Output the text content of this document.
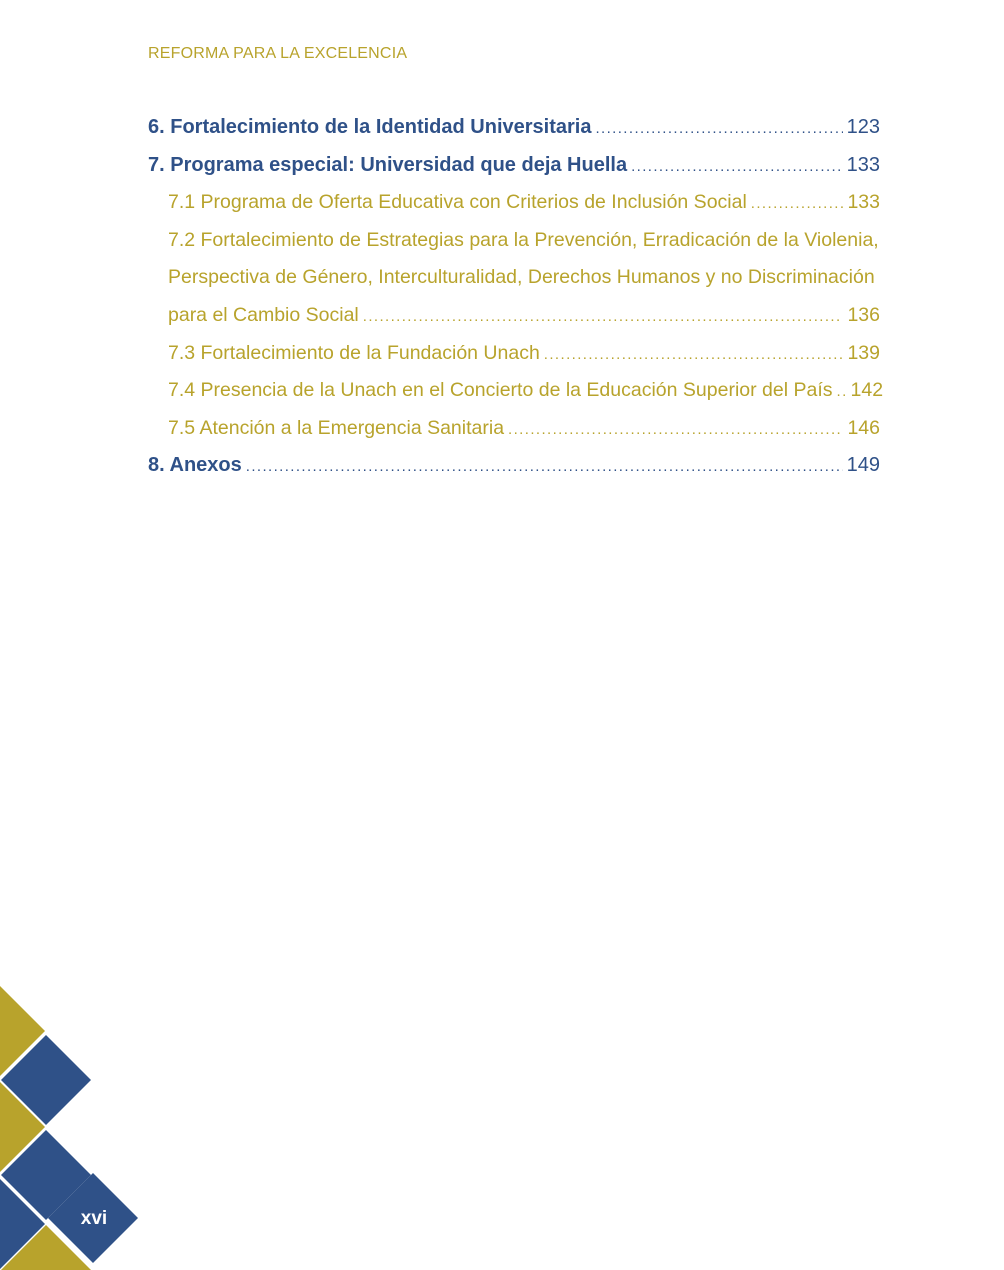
REFORMA PARA LA EXCELENCIA
6. Fortalecimiento de la Identidad Universitaria .....	123
7. Programa especial: Universidad que deja Huella .....	133
7.1 Programa de Oferta Educativa con Criterios de Inclusión Social .....	133
7.2 Fortalecimiento de Estrategias para la Prevención, Erradicación de la Violenia,
Perspectiva de Género, Interculturalidad, Derechos Humanos y no Discriminación
para el Cambio Social .....	136
7.3 Fortalecimiento de la Fundación Unach .....	139
7.4 Presencia de la Unach en el Concierto de la Educación Superior del País ..... 142
7.5 Atención a la Emergencia Sanitaria .....	146
8. Anexos .....	149
xvi
